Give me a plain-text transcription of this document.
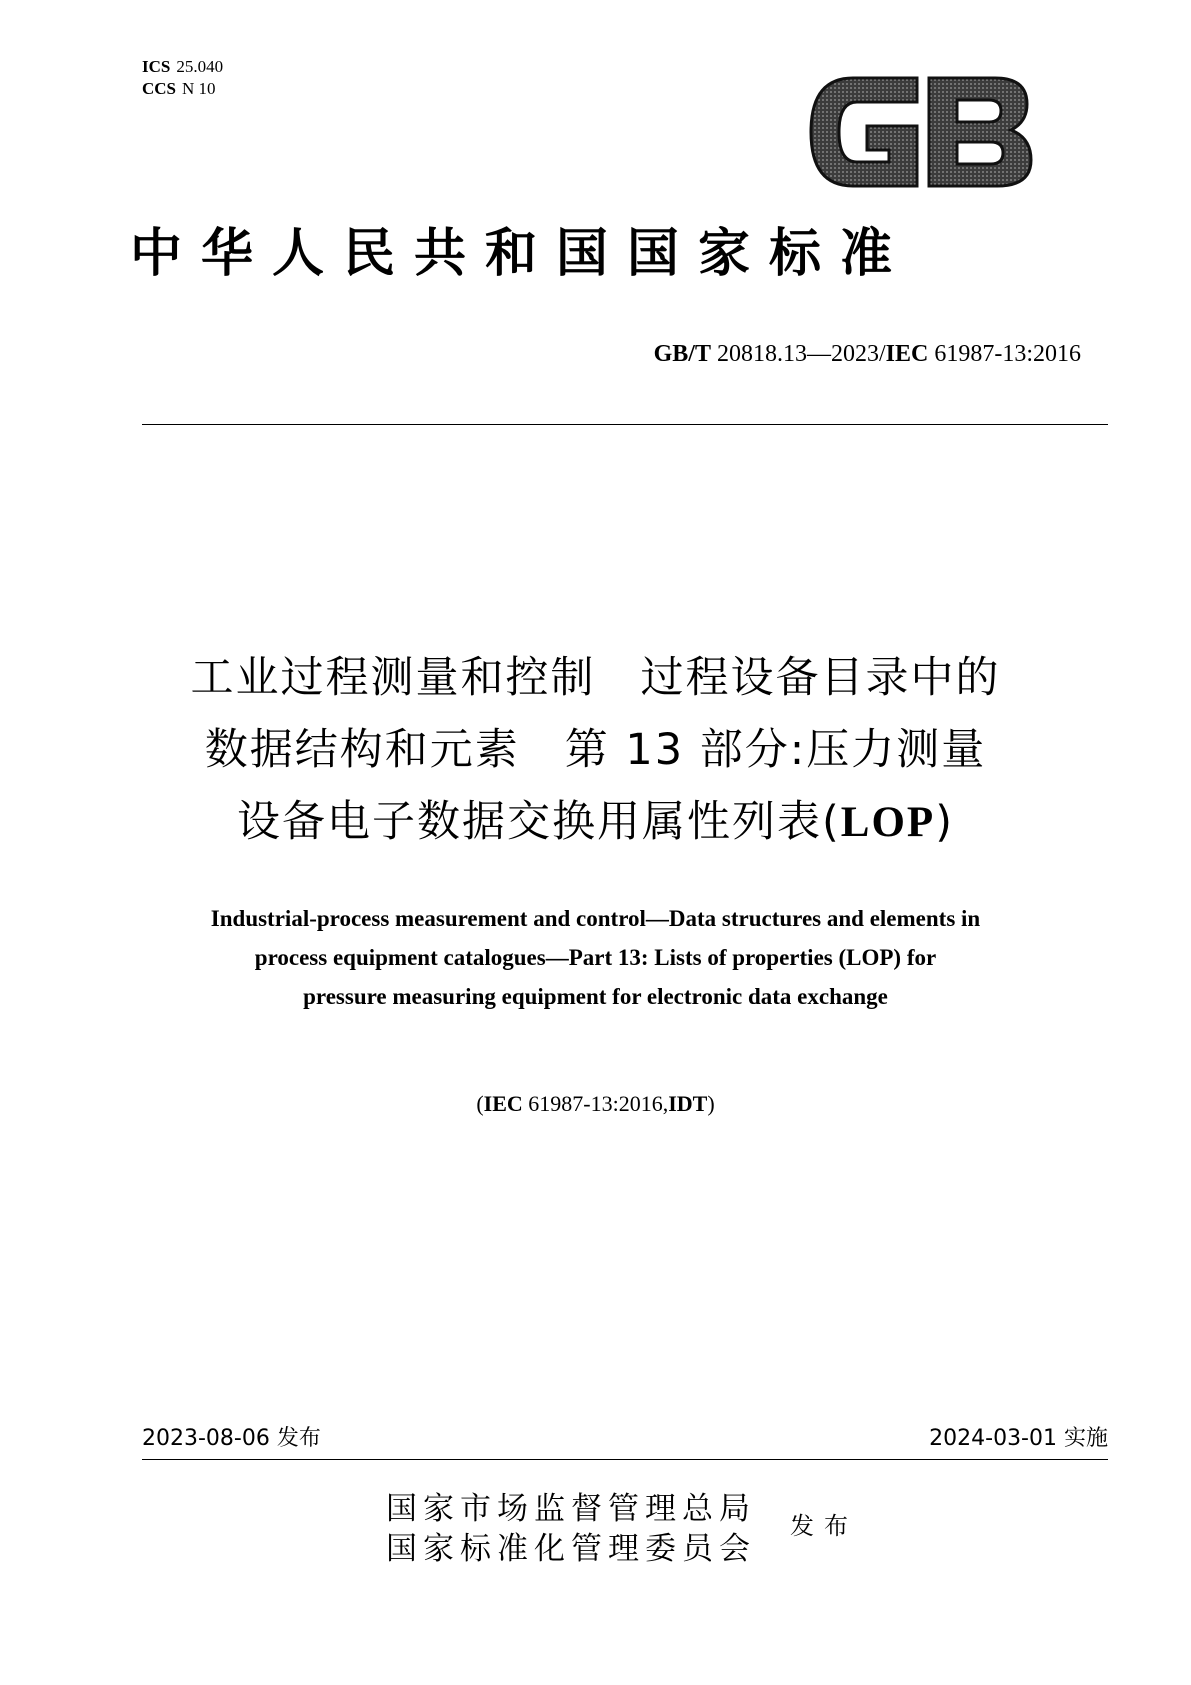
ICS 25.040
CCS N 10
中华人民共和国国家标准
GB/T 20818.13—2023/IEC 61987-13:2016
工业过程测量和控制　过程设备目录中的
数据结构和元素　第 13 部分:压力测量
设备电子数据交换用属性列表(LOP)
Industrial-process measurement and control—Data structures and elements in
process equipment catalogues—Part 13: Lists of properties (LOP) for
pressure measuring equipment for electronic data exchange
(IEC 61987-13:2016,IDT)
2023-08-06 发布	2024-03-01 实施
国家市场监督管理总局
国家标准化管理委员会
发布
